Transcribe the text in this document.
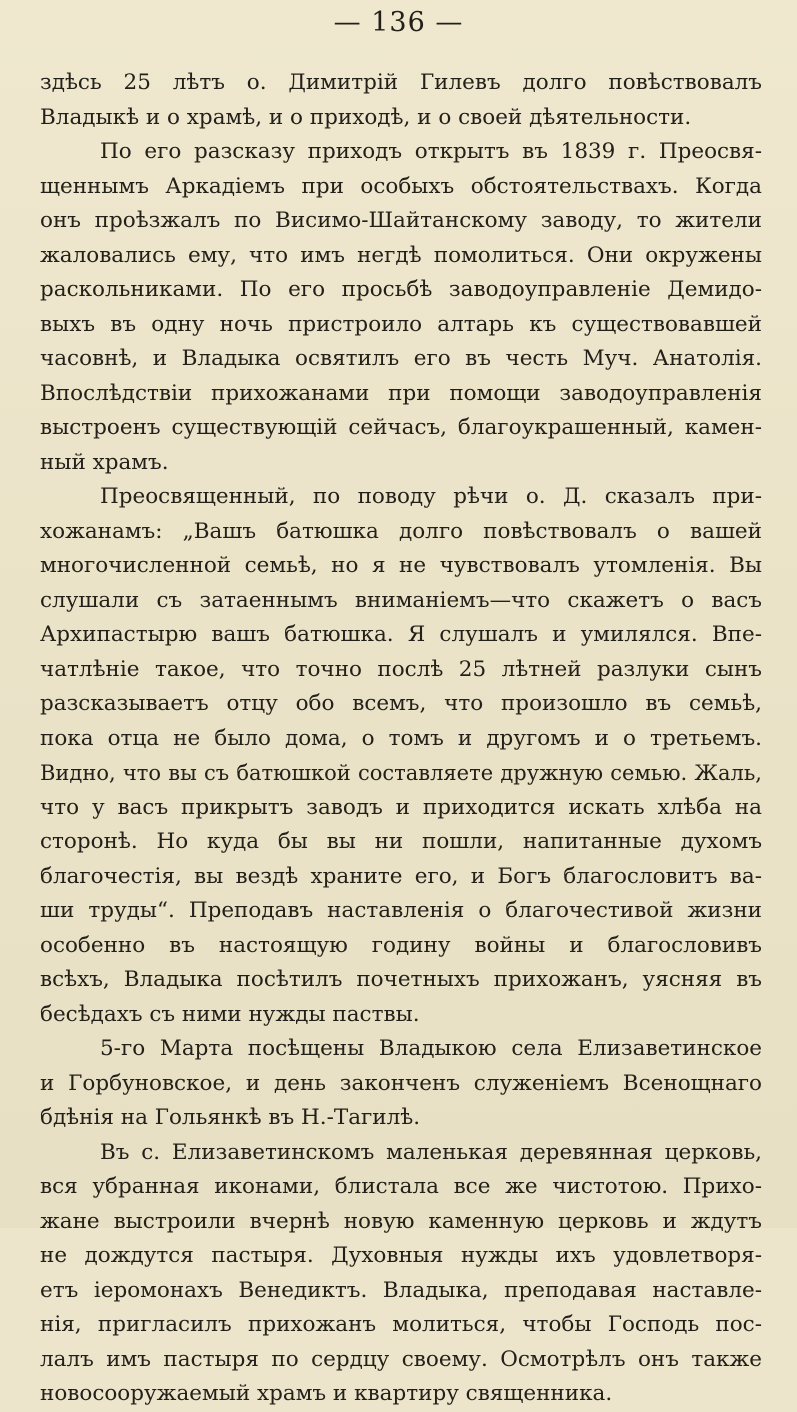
— 136 —
здѣсь 25 лѣтъ о. Димитрій Гилевъ долго повѣствовалъ
Владыкѣ и о храмѣ, и о приходѣ, и о своей дѣятельности.
По его разсказу приходъ открытъ въ 1839 г. Преосвя-
щеннымъ Аркадіемъ при особыхъ обстоятельствахъ. Когда
онъ проѣзжалъ по Висимо-Шайтанскому заводу, то жители
жаловались ему, что имъ негдѣ помолиться. Они окружены
раскольниками. По его просьбѣ заводоуправленіе Демидо-
выхъ въ одну ночь пристроило алтарь къ существовавшей
часовнѣ, и Владыка освятилъ его въ честь Муч. Анатолія.
Впослѣдствіи прихожанами при помощи заводоуправленія
выстроенъ существующій сейчасъ, благоукрашенный, камен-
ный храмъ.
Преосвященный, по поводу рѣчи о. Д. сказалъ при-
хожанамъ: „Вашъ батюшка долго повѣствовалъ о вашей
многочисленной семьѣ, но я не чувствовалъ утомленія. Вы
слушали съ затаеннымъ вниманіемъ—что скажетъ о васъ
Архипастырю вашъ батюшка. Я слушалъ и умилялся. Впе-
чатлѣніе такое, что точно послѣ 25 лѣтней разлуки сынъ
разсказываетъ отцу обо всемъ, что произошло въ семьѣ,
пока отца не было дома, о томъ и другомъ и о третьемъ.
Видно, что вы съ батюшкой составляете дружную семью. Жаль,
что у васъ прикрытъ заводъ и приходится искать хлѣба на
сторонѣ. Но куда бы вы ни пошли, напитанные духомъ
благочестія, вы вездѣ храните его, и Богъ благословитъ ва-
ши труды“. Преподавъ наставленія о благочестивой жизни
особенно въ настоящую годину войны и благословивъ
всѣхъ, Владыка посѣтилъ почетныхъ прихожанъ, уясняя въ
бесѣдахъ съ ними нужды паствы.
5-го Марта посѣщены Владыкою села Елизаветинское
и Горбуновское, и день законченъ служеніемъ Всенощнаго
бдѣнія на Гольянкѣ въ Н.-Тагилѣ.
Въ с. Елизаветинскомъ маленькая деревянная церковь,
вся убранная иконами, блистала все же чистотою. Прихо-
жане выстроили вчернѣ новую каменную церковь и ждутъ
не дождутся пастыря. Духовныя нужды ихъ удовлетворя-
етъ іеромонахъ Венедиктъ. Владыка, преподавая наставле-
нія, пригласилъ прихожанъ молиться, чтобы Господь пос-
лалъ имъ пастыря по сердцу своему. Осмотрѣлъ онъ также
новосооружаемый храмъ и квартиру священника.
